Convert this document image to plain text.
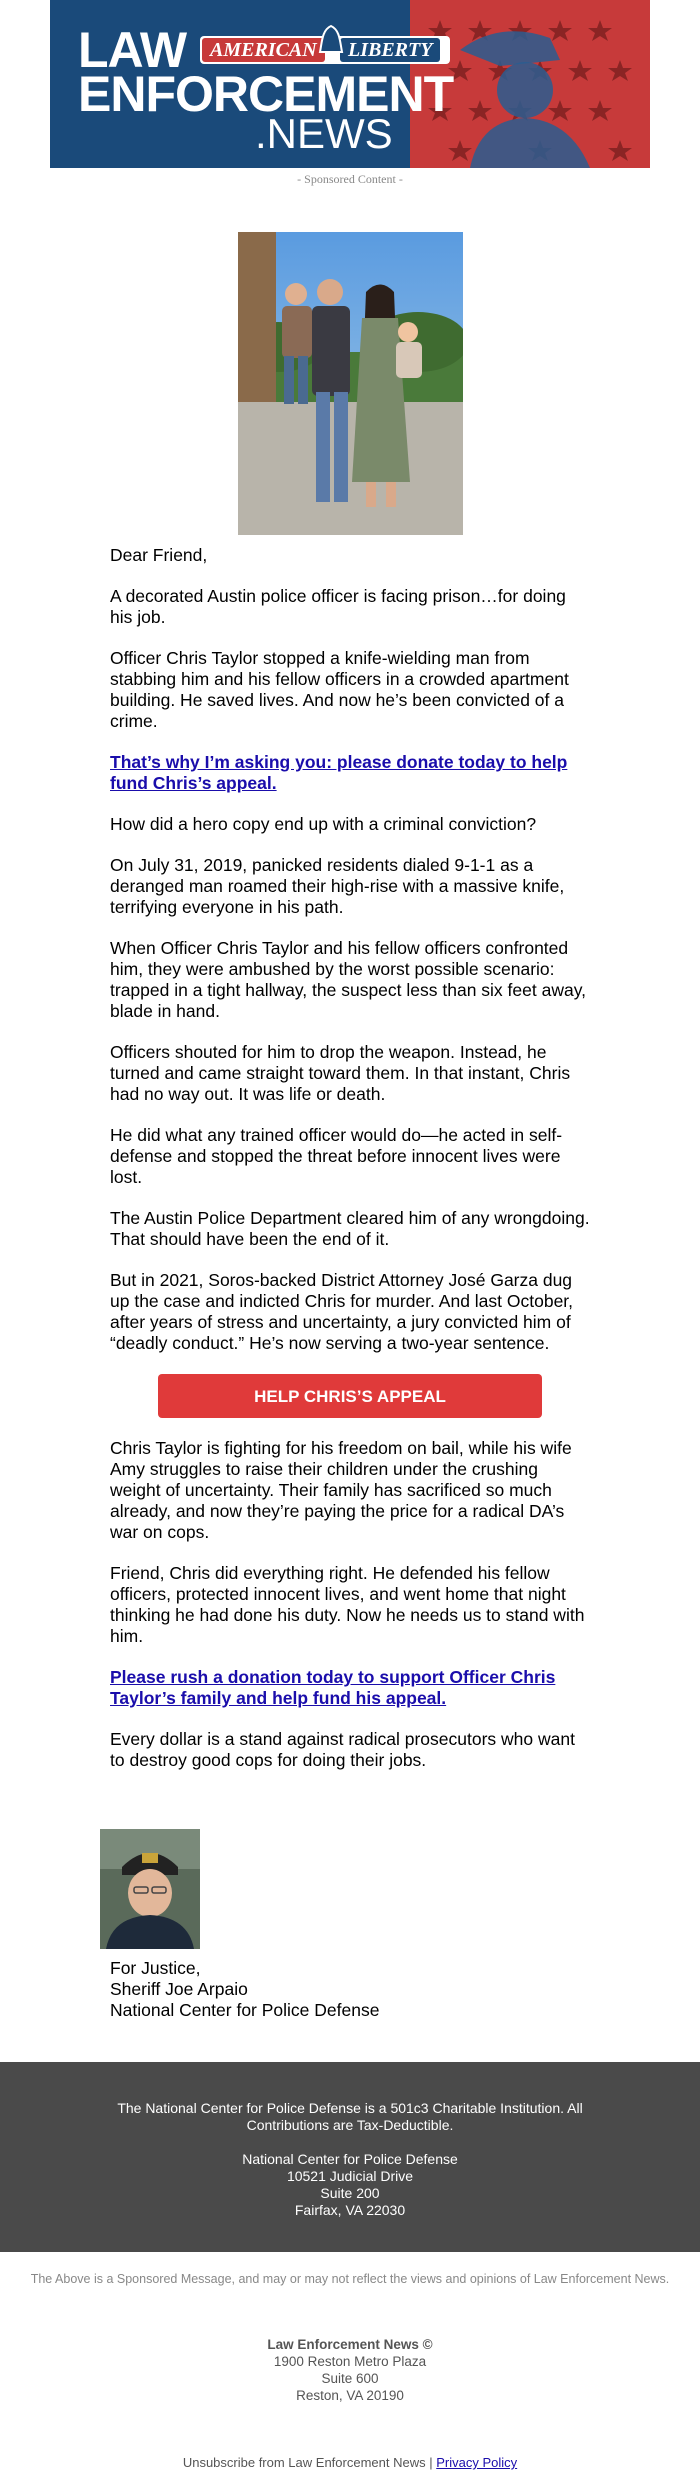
AMERICAN	LIBERTY
LAW
ENFORCEMENT
.NEWS
- Sponsored Content -

Dear Friend,

A decorated Austin police officer is facing prison…for doing his job.

Officer Chris Taylor stopped a knife-wielding man from stabbing him and his fellow officers in a crowded apartment building. He saved lives. And now he’s been convicted of a crime.

That’s why I’m asking you: please donate today to help fund Chris’s appeal.

How did a hero copy end up with a criminal conviction?

On July 31, 2019, panicked residents dialed 9-1-1 as a deranged man roamed their high-rise with a massive knife, terrifying everyone in his path.

When Officer Chris Taylor and his fellow officers confronted him, they were ambushed by the worst possible scenario: trapped in a tight hallway, the suspect less than six feet away, blade in hand.

Officers shouted for him to drop the weapon. Instead, he turned and came straight toward them. In that instant, Chris had no way out. It was life or death.

He did what any trained officer would do—he acted in self-defense and stopped the threat before innocent lives were lost.

The Austin Police Department cleared him of any wrongdoing. That should have been the end of it.

But in 2021, Soros-backed District Attorney José Garza dug up the case and indicted Chris for murder. And last October, after years of stress and uncertainty, a jury convicted him of “deadly conduct.” He’s now serving a two-year sentence.

HELP CHRIS’S APPEAL

Chris Taylor is fighting for his freedom on bail, while his wife Amy struggles to raise their children under the crushing weight of uncertainty. Their family has sacrificed so much already, and now they’re paying the price for a radical DA’s war on cops.

Friend, Chris did everything right. He defended his fellow officers, protected innocent lives, and went home that night thinking he had done his duty. Now he needs us to stand with him.

Please rush a donation today to support Officer Chris Taylor’s family and help fund his appeal.

Every dollar is a stand against radical prosecutors who want to destroy good cops for doing their jobs.

For Justice,
Sheriff Joe Arpaio
National Center for Police Defense
The National Center for Police Defense is a 501c3 Charitable Institution. All
Contributions are Tax-Deductible.
National Center for Police Defense
10521 Judicial Drive
Suite 200
Fairfax, VA 22030
The Above is a Sponsored Message, and may or may not reflect the views and opinions of Law Enforcement News.
Law Enforcement News ©
1900 Reston Metro Plaza
Suite 600
Reston, VA 20190
Unsubscribe from Law Enforcement News | Privacy Policy
